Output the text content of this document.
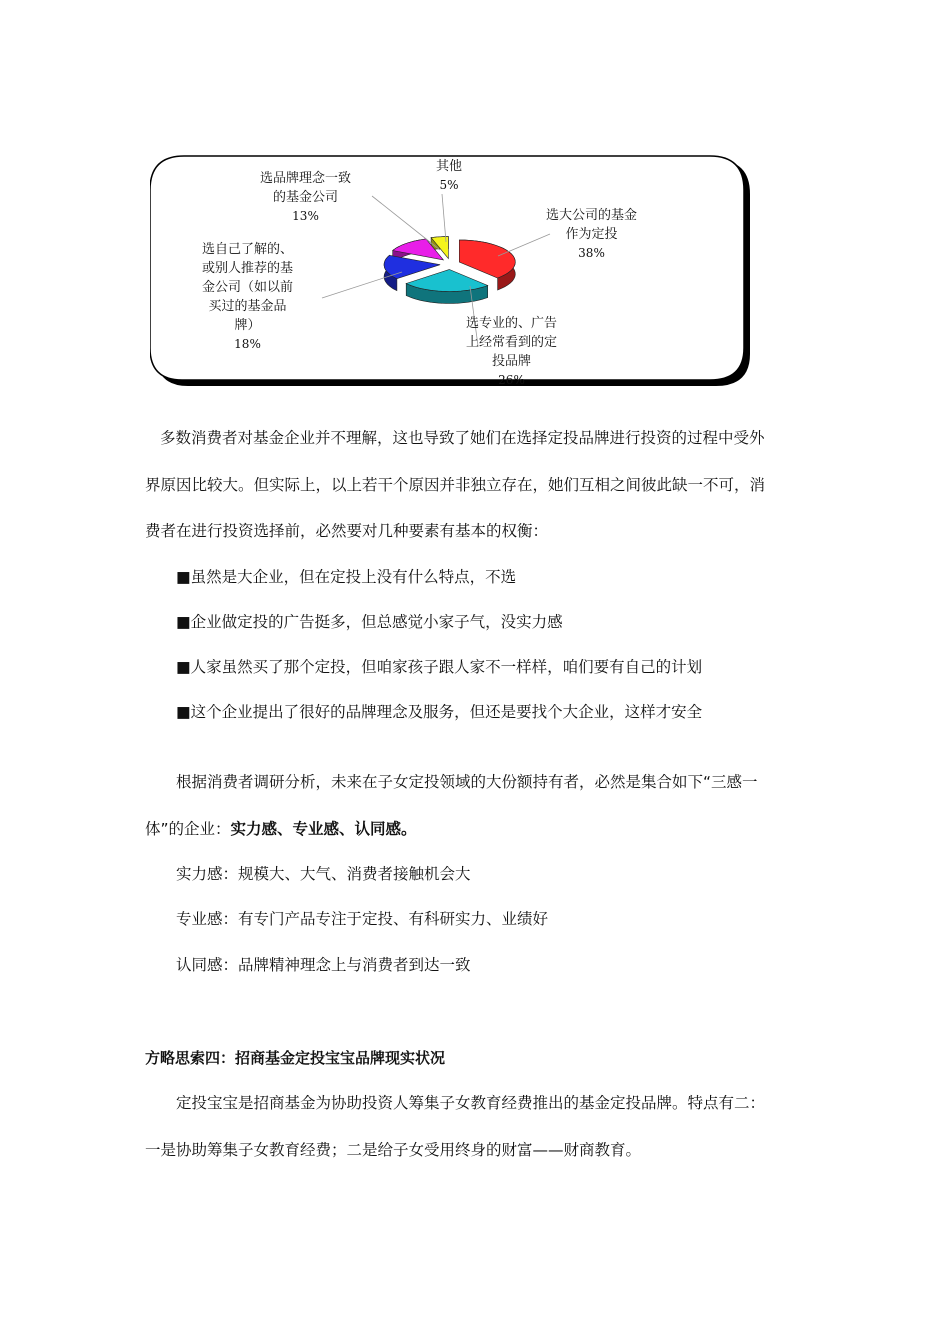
其他
5%
选品牌理念一致
的基金公司
13%	选大公司的基金
作为定投
38%
选自己了解的、
或别人推荐的基
金公司（如以前
买过的基金品
牌）
18%
选专业的、广告
上经常看到的定
投品牌
26%
多数消费者对基金企业并不理解，这也导致了她们在选择定投品牌进行投资的过程中受外
界原因比较大。但实际上，以上若干个原因并非独立存在，她们互相之间彼此缺一不可，消
费者在进行投资选择前，必然要对几种要素有基本的权衡：
■虽然是大企业，但在定投上没有什么特点，不选
■企业做定投的广告挺多，但总感觉小家子气，没实力感
■人家虽然买了那个定投，但咱家孩子跟人家不一样样，咱们要有自己的计划
■这个企业提出了很好的品牌理念及服务，但还是要找个大企业，这样才安全
根据消费者调研分析，未来在子女定投领域的大份额持有者，必然是集合如下“三感一
体”的企业：实力感、专业感、认同感。
实力感：规模大、大气、消费者接触机会大
专业感：有专门产品专注于定投、有科研实力、业绩好
认同感：品牌精神理念上与消费者到达一致
方略思索四：招商基金定投宝宝品牌现实状况
定投宝宝是招商基金为协助投资人筹集子女教育经费推出的基金定投品牌。特点有二：
一是协助筹集子女教育经费；二是给子女受用终身的财富——财商教育。
